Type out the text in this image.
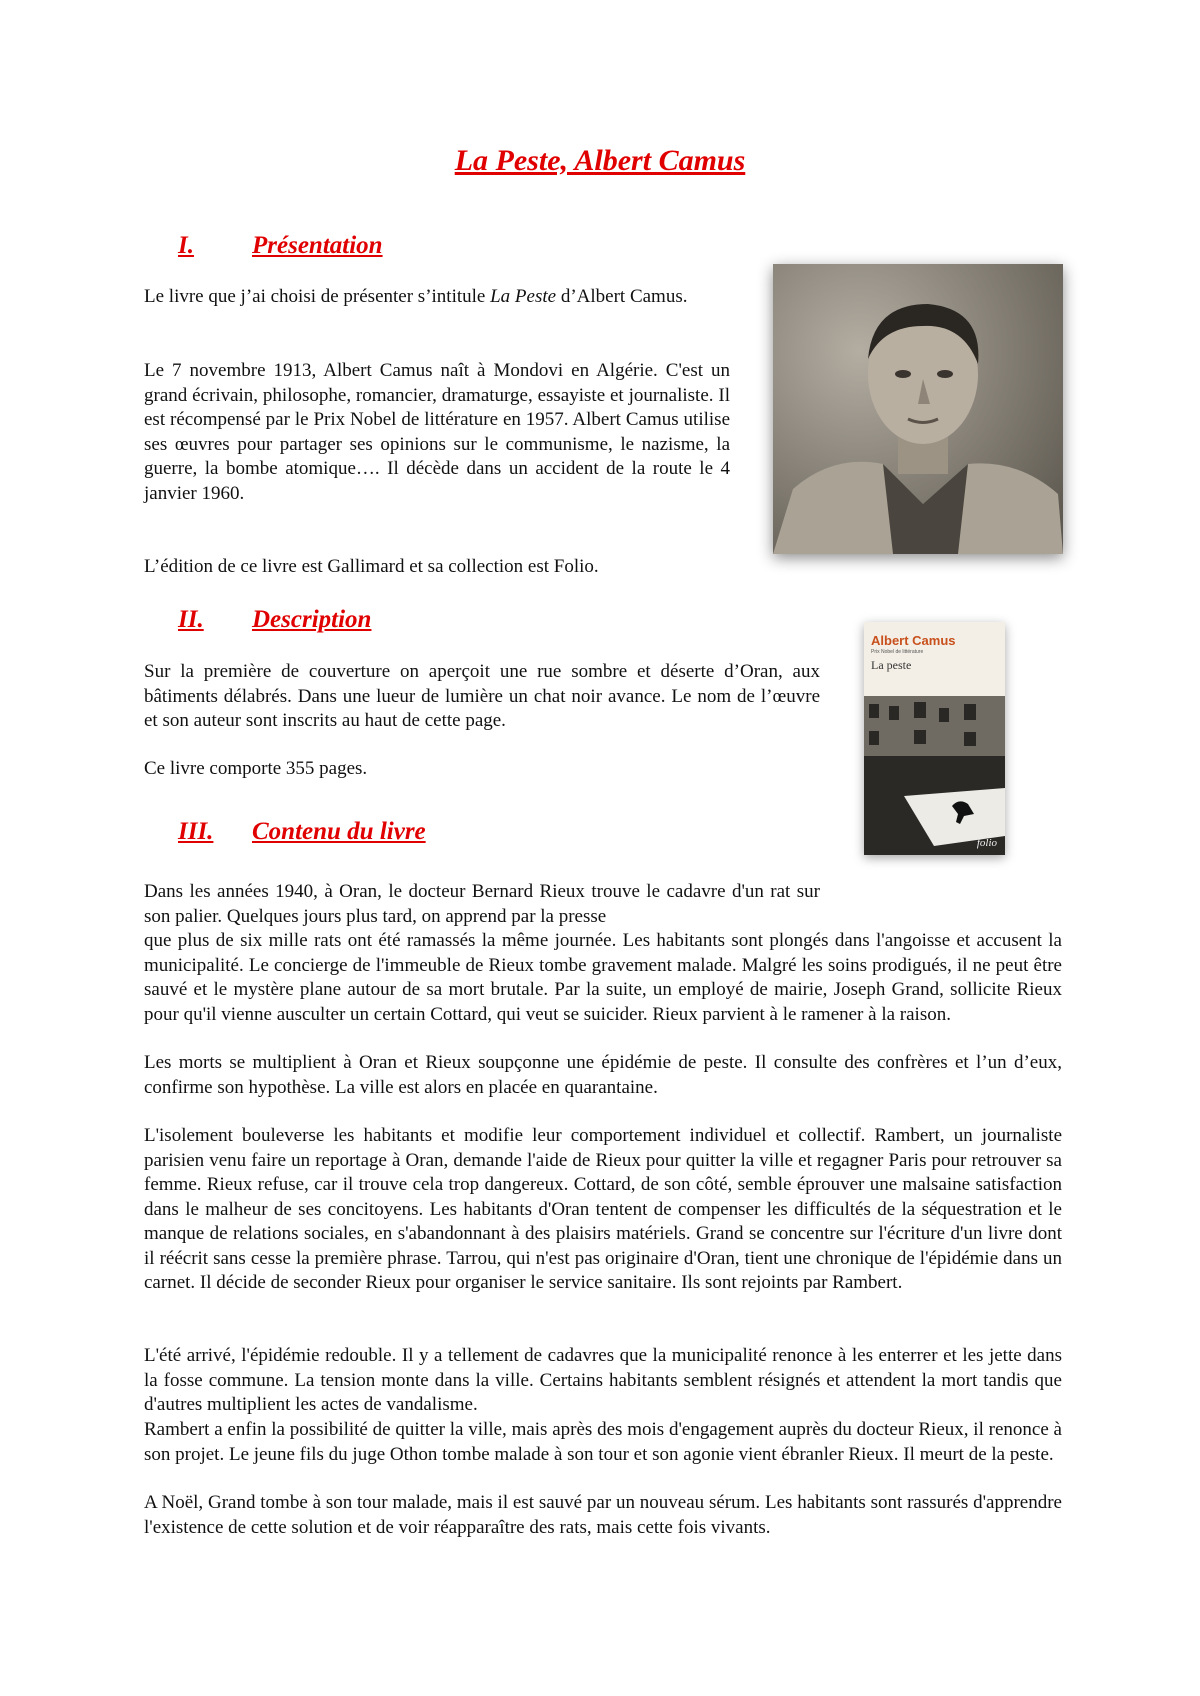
La Peste, Albert Camus
I.	Présentation

Le livre que j’ai choisi de présenter s’intitule La Peste d’Albert Camus.

Le 7 novembre 1913, Albert Camus naît à Mondovi en Algérie. C'est un grand écrivain, philosophe, romancier, dramaturge, essayiste et journaliste. Il est récompensé par le Prix Nobel de littérature en 1957. Albert Camus utilise ses œuvres pour partager ses opinions sur le communisme, le nazisme, la guerre, la bombe atomique…. Il décède dans un accident de la route le 4 janvier 1960.

L’édition de ce livre est Gallimard et sa collection est Folio.

II.	Description

Sur la première de couverture on aperçoit une rue sombre et déserte d’Oran, aux bâtiments délabrés. Dans une lueur de lumière un chat noir avance. Le nom de l’œuvre et son auteur sont inscrits au haut de cette page.

Ce livre comporte 355 pages.

Albert Camus
Prix Nobel de littérature
La peste
folio
III.	Contenu du livre

Dans les années 1940, à Oran, le docteur Bernard Rieux trouve le cadavre d'un rat sur son palier. Quelques jours plus tard, on apprend par la presse

que plus de six mille rats ont été ramassés la même journée. Les habitants sont plongés dans l'angoisse et accusent la municipalité. Le concierge de l'immeuble de Rieux tombe gravement malade. Malgré les soins prodigués, il ne peut être sauvé et le mystère plane autour de sa mort brutale. Par la suite, un employé de mairie, Joseph Grand, sollicite Rieux pour qu'il vienne ausculter un certain Cottard, qui veut se suicider. Rieux parvient à le ramener à la raison.

Les morts se multiplient à Oran et Rieux soupçonne une épidémie de peste. Il consulte des confrères et l’un d’eux, confirme son hypothèse. La ville est alors en placée en quarantaine.

L'isolement bouleverse les habitants et modifie leur comportement individuel et collectif. Rambert, un journaliste parisien venu faire un reportage à Oran, demande l'aide de Rieux pour quitter la ville et regagner Paris pour retrouver sa femme. Rieux refuse, car il trouve cela trop dangereux. Cottard, de son côté, semble éprouver une malsaine satisfaction dans le malheur de ses concitoyens. Les habitants d'Oran tentent de compenser les difficultés de la séquestration et le manque de relations sociales, en s'abandonnant à des plaisirs matériels. Grand se concentre sur l'écriture d'un livre dont il réécrit sans cesse la première phrase. Tarrou, qui n'est pas originaire d'Oran, tient une chronique de l'épidémie dans un carnet. Il décide de seconder Rieux pour organiser le service sanitaire. Ils sont rejoints par Rambert.

L'été arrivé, l'épidémie redouble. Il y a tellement de cadavres que la municipalité renonce à les enterrer et les jette dans la fosse commune. La tension monte dans la ville. Certains habitants semblent résignés et attendent la mort tandis que d'autres multiplient les actes de vandalisme.

Rambert a enfin la possibilité de quitter la ville, mais après des mois d'engagement auprès du docteur Rieux, il renonce à son projet. Le jeune fils du juge Othon tombe malade à son tour et son agonie vient ébranler Rieux. Il meurt de la peste.

A Noël, Grand tombe à son tour malade, mais il est sauvé par un nouveau sérum. Les habitants sont rassurés d'apprendre l'existence de cette solution et de voir réapparaître des rats, mais cette fois vivants.
